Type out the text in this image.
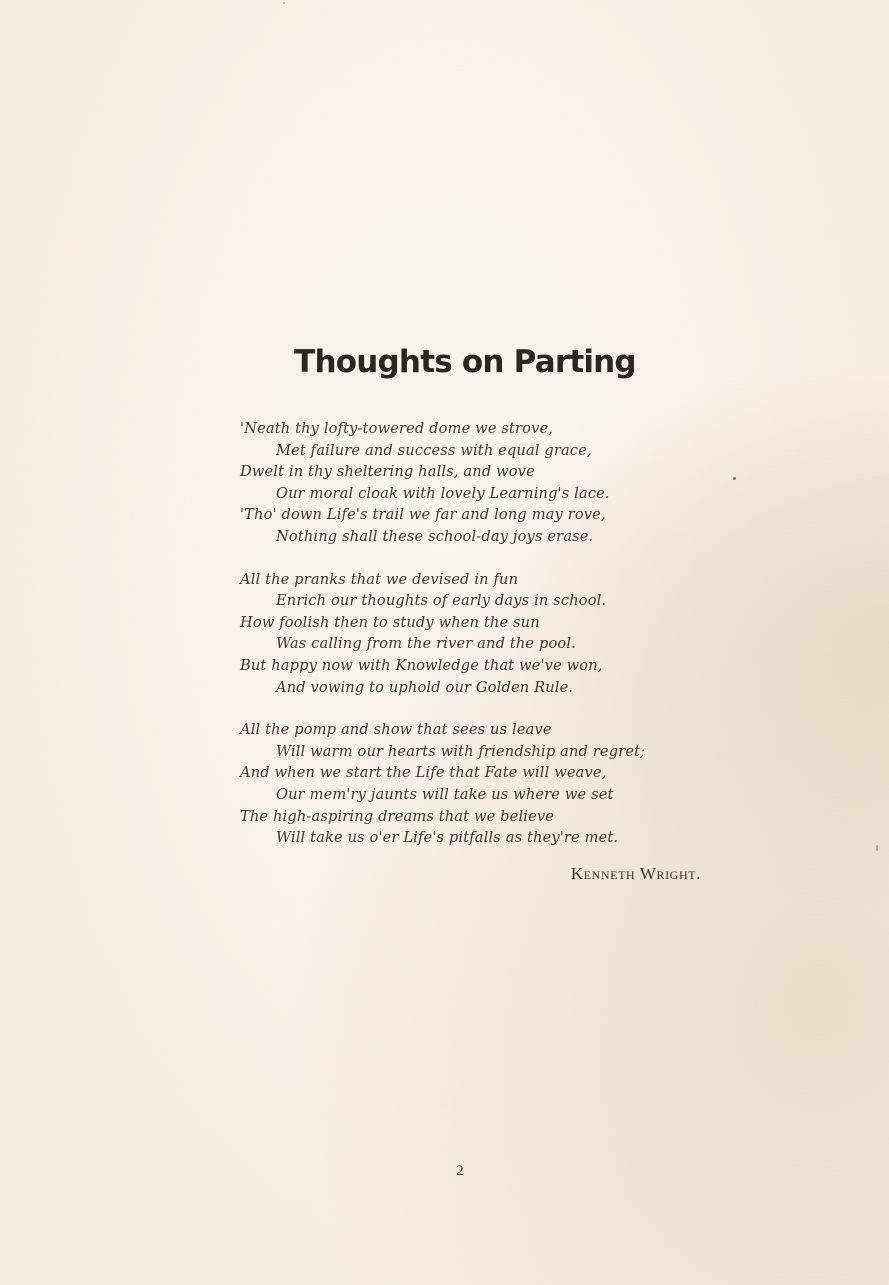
Thoughts on Parting
'Neath thy lofty-towered dome we strove,
Met failure and success with equal grace,
Dwelt in thy sheltering halls, and wove
Our moral cloak with lovely Learning's lace.
'Tho' down Life's trail we far and long may rove,
Nothing shall these school-day joys erase.
All the pranks that we devised in fun
Enrich our thoughts of early days in school.
How foolish then to study when the sun
Was calling from the river and the pool.
But happy now with Knowledge that we've won,
And vowing to uphold our Golden Rule.
All the pomp and show that sees us leave
Will warm our hearts with friendship and regret;
And when we start the Life that Fate will weave,
Our mem'ry jaunts will take us where we set
The high-aspiring dreams that we believe
Will take us o'er Life's pitfalls as they're met.
Kenneth Wright.
2
